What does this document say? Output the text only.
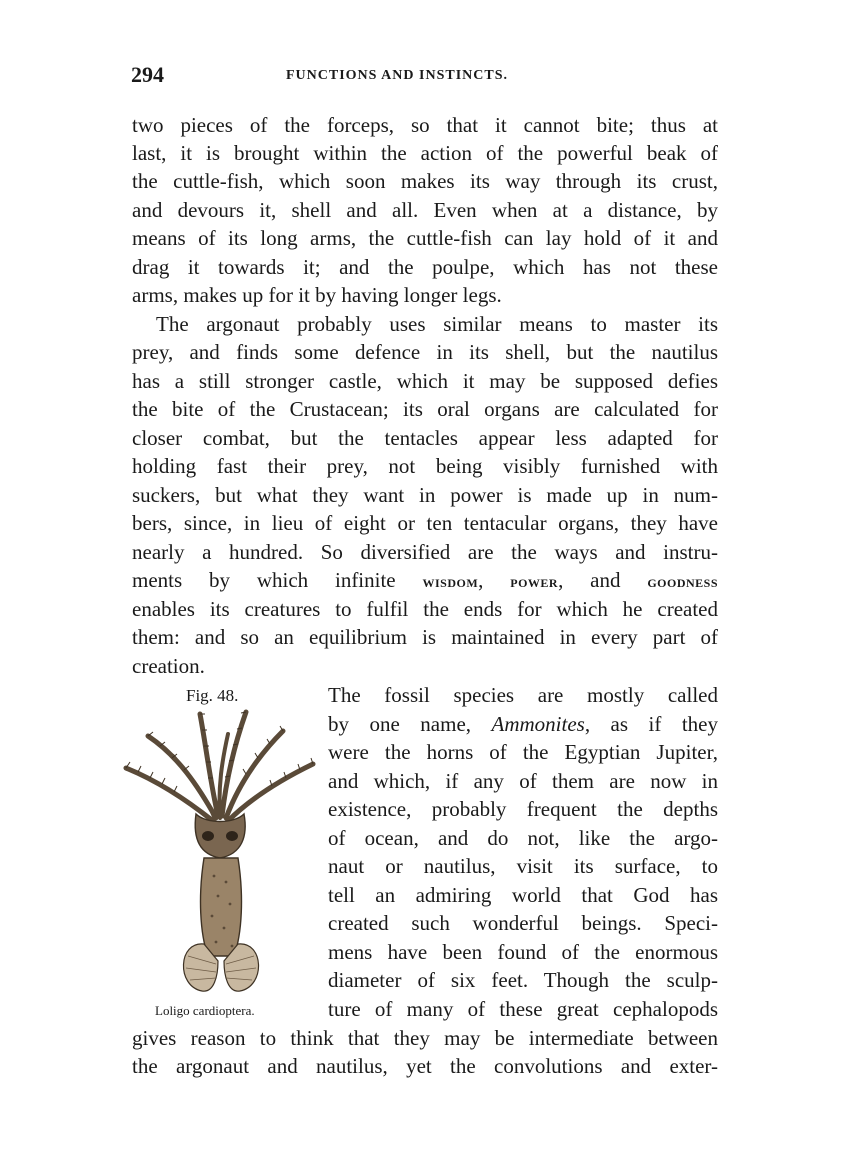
294	FUNCTIONS AND INSTINCTS.
two pieces of the forceps, so that it cannot bite; thus at
last, it is brought within the action of the powerful beak of
the cuttle-fish, which soon makes its way through its crust,
and devours it, shell and all. Even when at a distance, by
means of its long arms, the cuttle-fish can lay hold of it and
drag it towards it; and the poulpe, which has not these
arms, makes up for it by having longer legs.
The argonaut probably uses similar means to master its
prey, and finds some defence in its shell, but the nautilus
has a still stronger castle, which it may be supposed defies
the bite of the Crustacean; its oral organs are calculated for
closer combat, but the tentacles appear less adapted for
holding fast their prey, not being visibly furnished with
suckers, but what they want in power is made up in num-
bers, since, in lieu of eight or ten tentacular organs, they have
nearly a hundred. So diversified are the ways and instru-
ments by which infinite wisdom, power, and goodness
enables its creatures to fulfil the ends for which he created
them: and so an equilibrium is maintained in every part of
creation.
Fig. 48.
Loligo cardioptera.
The fossil species are mostly called
by one name, Ammonites, as if they
were the horns of the Egyptian Jupiter,
and which, if any of them are now in
existence, probably frequent the depths
of ocean, and do not, like the argo-
naut or nautilus, visit its surface, to
tell an admiring world that God has
created such wonderful beings. Speci-
mens have been found of the enormous
diameter of six feet. Though the sculp-
ture of many of these great cephalopods
gives reason to think that they may be intermediate between
the argonaut and nautilus, yet the convolutions and exter-
